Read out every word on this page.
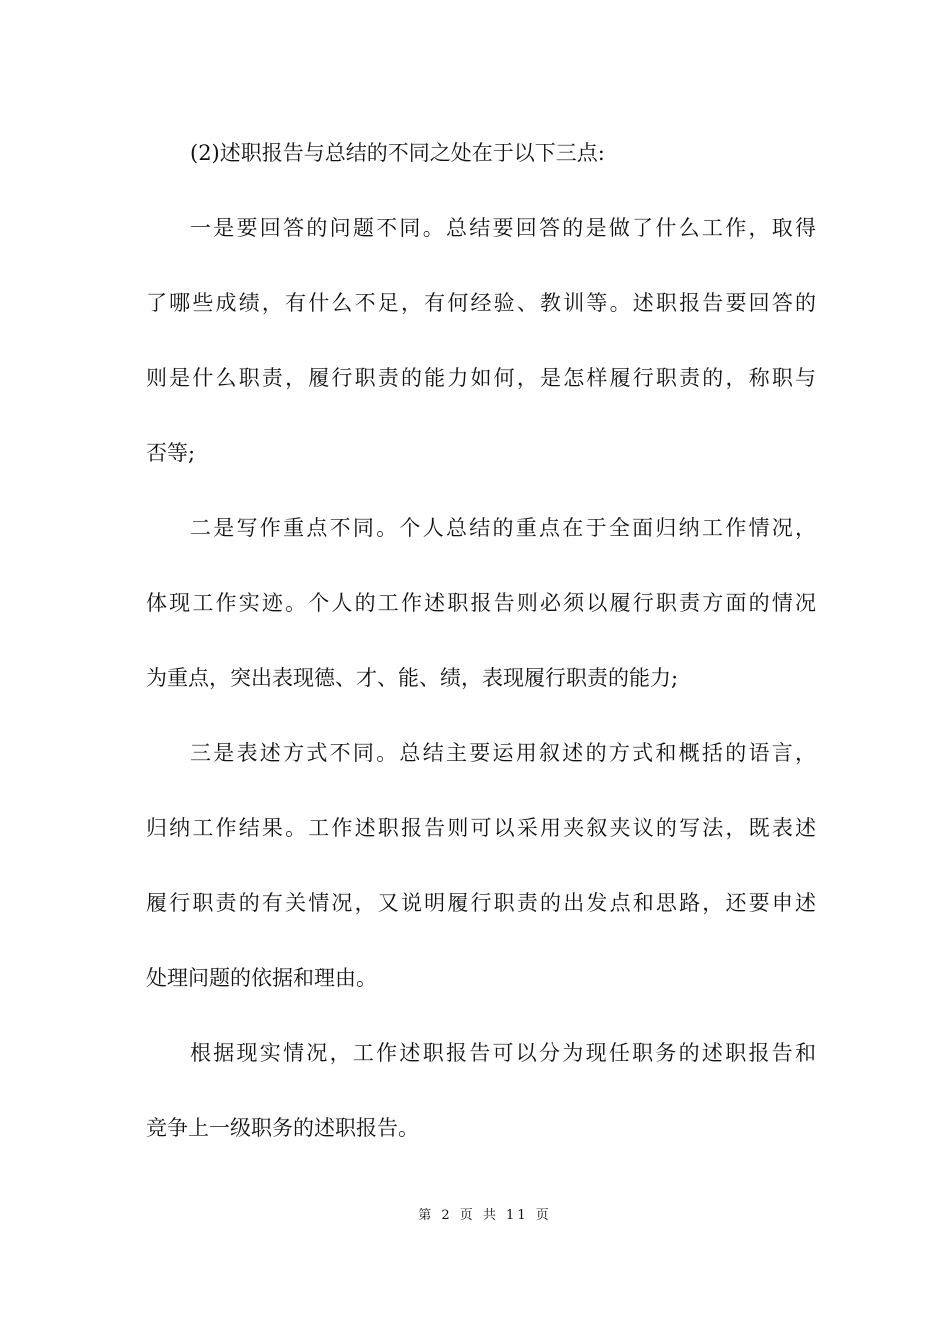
(2)述职报告与总结的不同之处在于以下三点:
一是要回答的问题不同。总结要回答的是做了什么工作，取得
了哪些成绩，有什么不足，有何经验、教训等。述职报告要回答的
则是什么职责，履行职责的能力如何，是怎样履行职责的，称职与
否等;
二是写作重点不同。个人总结的重点在于全面归纳工作情况，
体现工作实迹。个人的工作述职报告则必须以履行职责方面的情况
为重点，突出表现德、才、能、绩，表现履行职责的能力;
三是表述方式不同。总结主要运用叙述的方式和概括的语言，
归纳工作结果。工作述职报告则可以采用夹叙夹议的写法，既表述
履行职责的有关情况，又说明履行职责的出发点和思路，还要申述
处理问题的依据和理由。
根据现实情况，工作述职报告可以分为现任职务的述职报告和
竞争上一级职务的述职报告。
第 2 页 共 11 页
